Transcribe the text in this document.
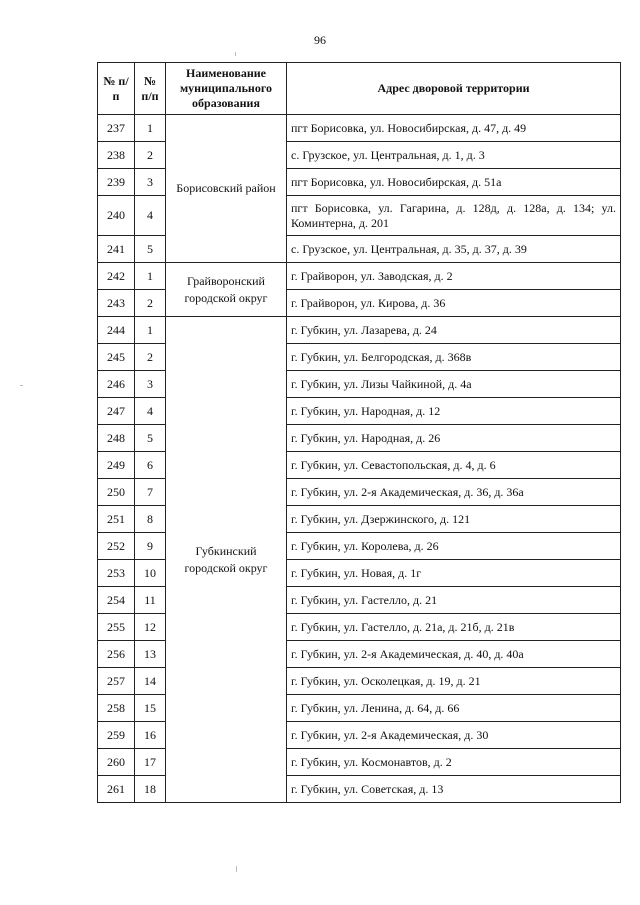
96
№ п/п	№ п/п	Наименование муниципального образования	Адрес дворовой территории
237	1	Борисовский район	пгт Борисовка, ул. Новосибирская, д. 47, д. 49
238	2		с. Грузское, ул. Центральная, д. 1, д. 3
239	3		пгт Борисовка, ул. Новосибирская, д. 51а
240	4		пгт Борисовка, ул. Гагарина, д. 128д, д. 128а, д. 134; ул. Коминтерна, д. 201
241	5		с. Грузское, ул. Центральная, д. 35, д. 37, д. 39
242	1	Грайворонский городской округ	г. Грайворон, ул. Заводская, д. 2
243	2		г. Грайворон, ул. Кирова, д. 36
244	1	Губкинский городской округ	г. Губкин, ул. Лазарева, д. 24
245	2		г. Губкин, ул. Белгородская, д. 368в
246	3		г. Губкин, ул. Лизы Чайкиной, д. 4а
247	4		г. Губкин, ул. Народная, д. 12
248	5		г. Губкин, ул. Народная, д. 26
249	6		г. Губкин, ул. Севастопольская, д. 4, д. 6
250	7		г. Губкин, ул. 2-я Академическая, д. 36, д. 36а
251	8		г. Губкин, ул. Дзержинского, д. 121
252	9		г. Губкин, ул. Королева, д. 26
253	10		г. Губкин, ул. Новая, д. 1г
254	11		г. Губкин, ул. Гастелло, д. 21
255	12		г. Губкин, ул. Гастелло, д. 21а, д. 21б, д. 21в
256	13		г. Губкин, ул. 2-я Академическая, д. 40, д. 40а
257	14		г. Губкин, ул. Осколецкая, д. 19, д. 21
258	15		г. Губкин, ул. Ленина, д. 64, д. 66
259	16		г. Губкин, ул. 2-я Академическая, д. 30
260	17		г. Губкин, ул. Космонавтов, д. 2
261	18		г. Губкин, ул. Советская, д. 13
